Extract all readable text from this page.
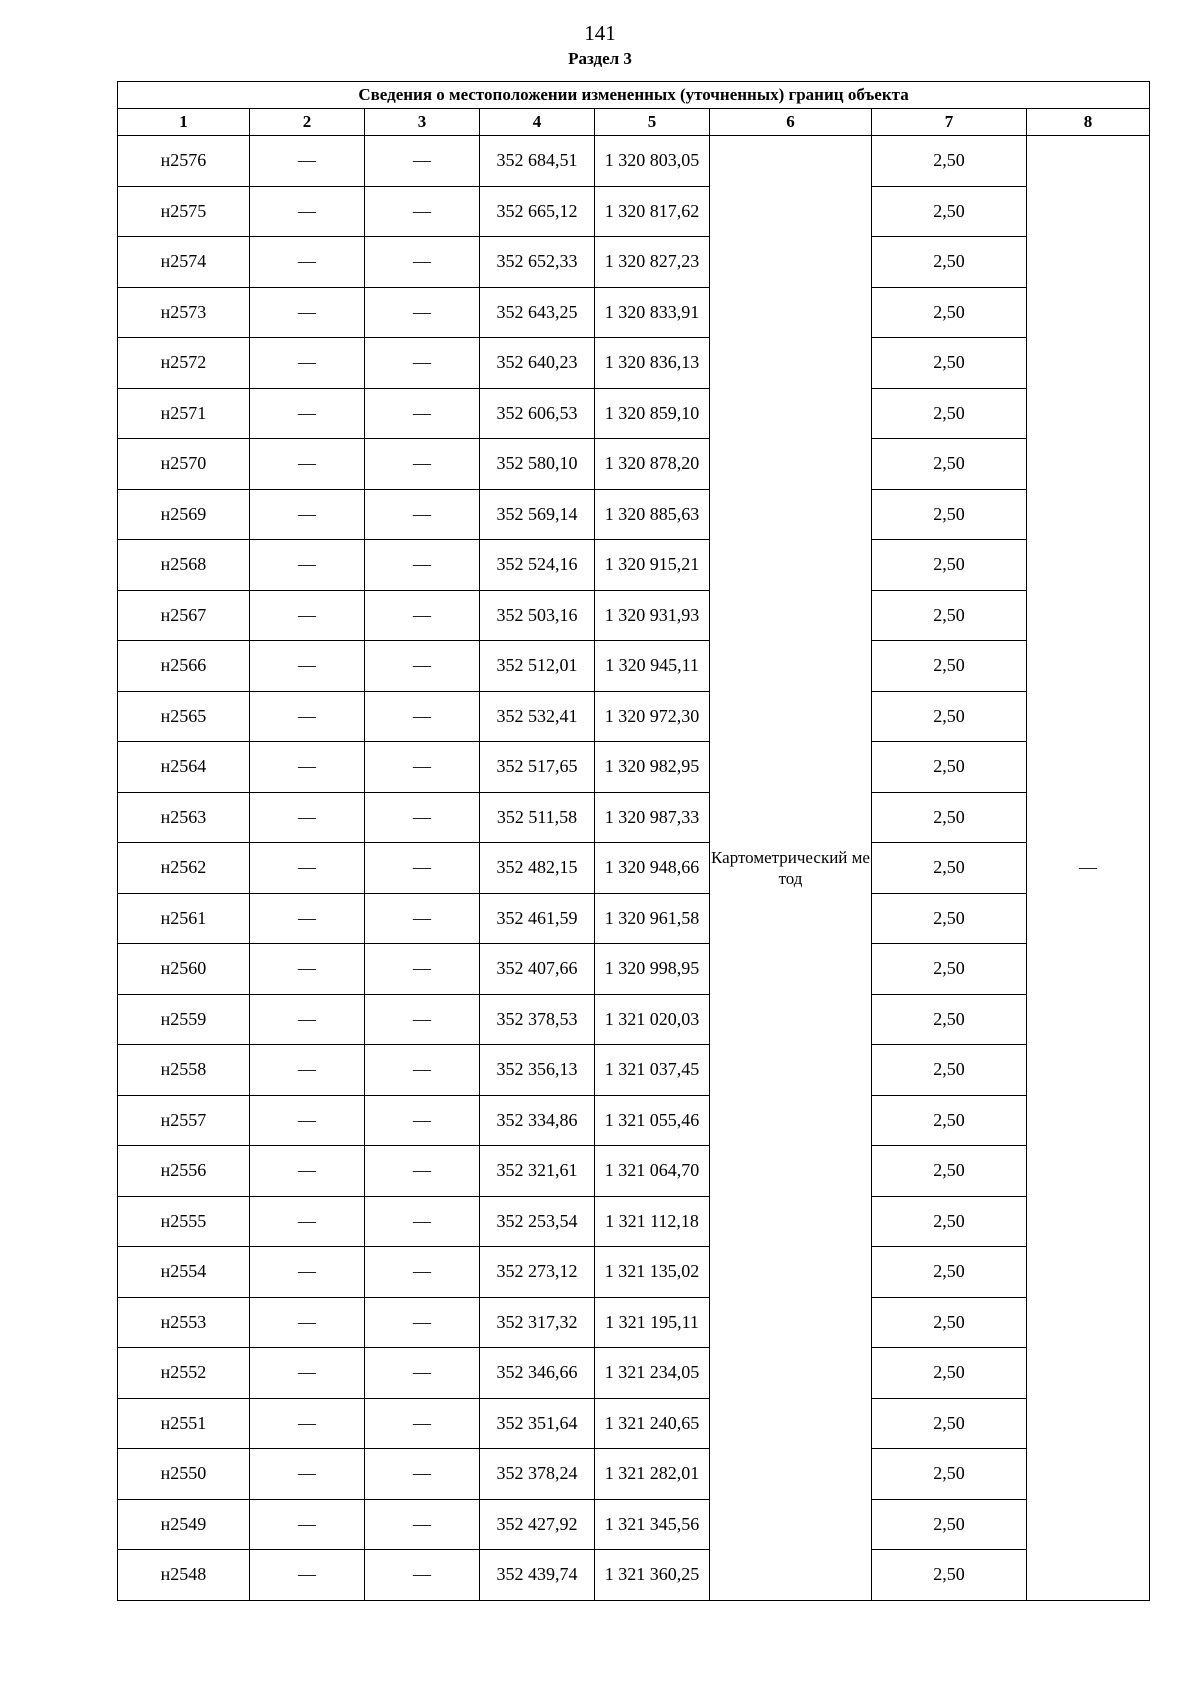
141
Раздел 3
Сведения о местоположении измененных (уточненных) границ объекта							
1	2	3	4	5	6	7	8
н2576	—	—	352 684,51	1 320 803,05	Картометрический метод	2,50	—
н2575	—	—	352 665,12	1 320 817,62		2,50	
н2574	—	—	352 652,33	1 320 827,23		2,50	
н2573	—	—	352 643,25	1 320 833,91		2,50	
н2572	—	—	352 640,23	1 320 836,13		2,50	
н2571	—	—	352 606,53	1 320 859,10		2,50	
н2570	—	—	352 580,10	1 320 878,20		2,50	
н2569	—	—	352 569,14	1 320 885,63		2,50	
н2568	—	—	352 524,16	1 320 915,21		2,50	
н2567	—	—	352 503,16	1 320 931,93		2,50	
н2566	—	—	352 512,01	1 320 945,11		2,50	
н2565	—	—	352 532,41	1 320 972,30		2,50	
н2564	—	—	352 517,65	1 320 982,95		2,50	
н2563	—	—	352 511,58	1 320 987,33		2,50	
н2562	—	—	352 482,15	1 320 948,66		2,50	
н2561	—	—	352 461,59	1 320 961,58		2,50	
н2560	—	—	352 407,66	1 320 998,95		2,50	
н2559	—	—	352 378,53	1 321 020,03		2,50	
н2558	—	—	352 356,13	1 321 037,45		2,50	
н2557	—	—	352 334,86	1 321 055,46		2,50	
н2556	—	—	352 321,61	1 321 064,70		2,50	
н2555	—	—	352 253,54	1 321 112,18		2,50	
н2554	—	—	352 273,12	1 321 135,02		2,50	
н2553	—	—	352 317,32	1 321 195,11		2,50	
н2552	—	—	352 346,66	1 321 234,05		2,50	
н2551	—	—	352 351,64	1 321 240,65		2,50	
н2550	—	—	352 378,24	1 321 282,01		2,50	
н2549	—	—	352 427,92	1 321 345,56		2,50	
н2548	—	—	352 439,74	1 321 360,25		2,50	
